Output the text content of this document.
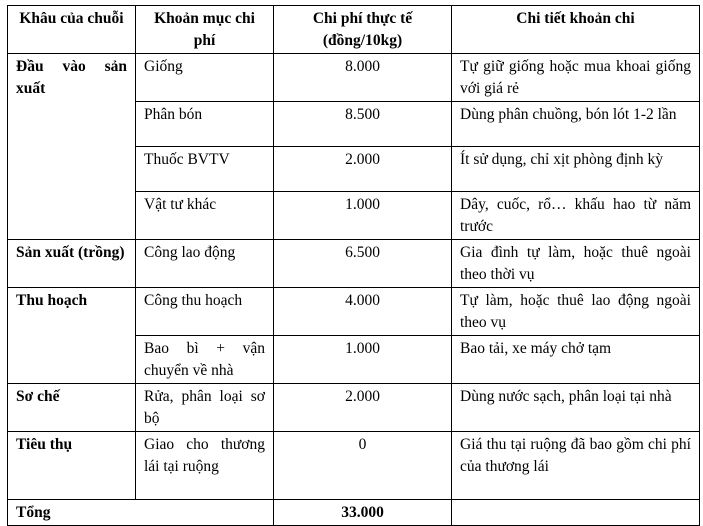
Khâu của chuỗi	Khoản mục chi phí	Chi phí thực tế (đồng/10kg)	Chi tiết khoản chi
Đầu vào sản xuất	Giống	8.000	Tự giữ giống hoặc mua khoai giống với giá rẻ
	Phân bón	8.500	Dùng phân chuồng, bón lót 1-2 lần
	Thuốc BVTV	2.000	Ít sử dụng, chỉ xịt phòng định kỳ
	Vật tư khác	1.000	Dây, cuốc, rổ… khấu hao từ năm trước
Sản xuất (trồng)	Công lao động	6.500	Gia đình tự làm, hoặc thuê ngoài theo thời vụ
Thu hoạch	Công thu hoạch	4.000	Tự làm, hoặc thuê lao động ngoài theo vụ
	Bao bì + vận chuyển về nhà	1.000	Bao tải, xe máy chở tạm
Sơ chế	Rửa, phân loại sơ bộ	2.000	Dùng nước sạch, phân loại tại nhà
Tiêu thụ	Giao cho thương lái tại ruộng	0	Giá thu tại ruộng đã bao gồm chi phí của thương lái
Tổng		33.000	
